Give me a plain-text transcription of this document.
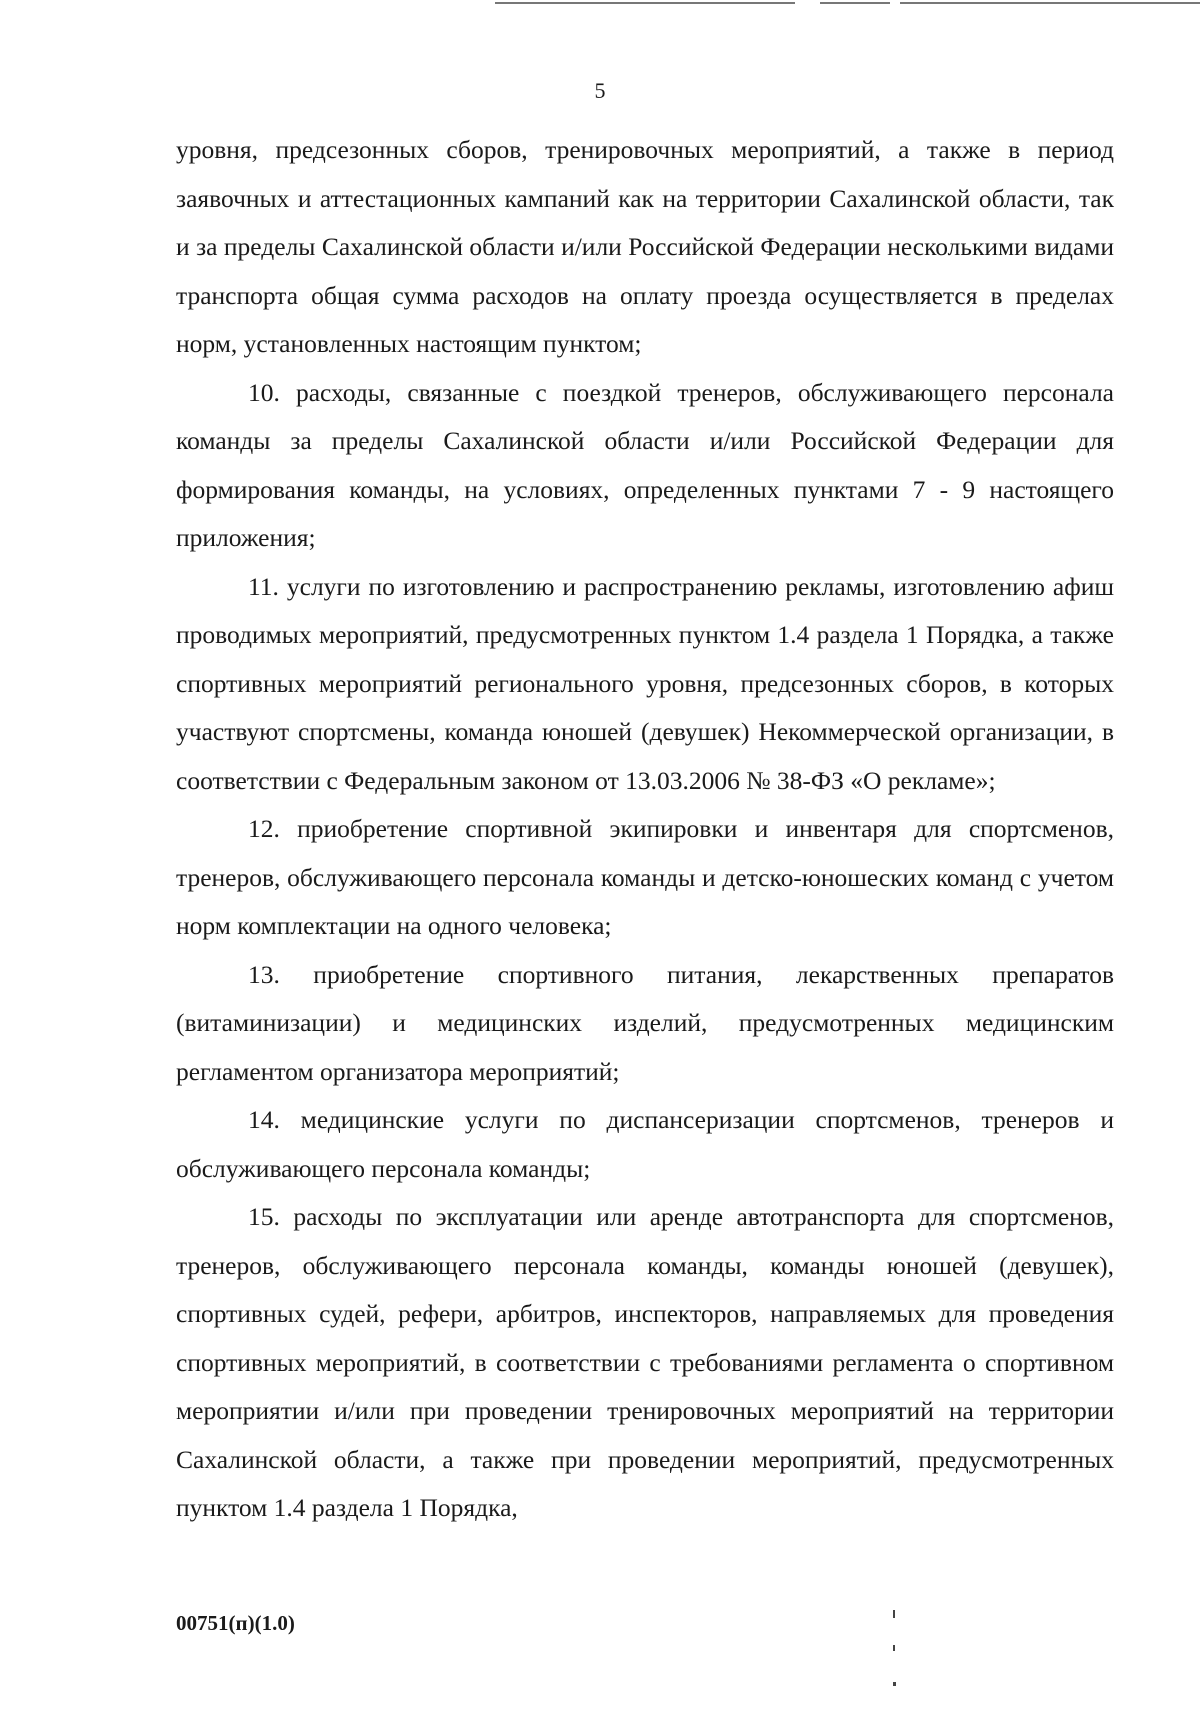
5

уровня, предсезонных сборов, тренировочных мероприятий, а также в период заявочных и аттестационных кампаний как на территории Сахалинской области, так и за пределы Сахалинской области и/или Российской Федерации несколькими видами транспорта общая сумма расходов на оплату проезда осуществляется в пределах норм, установленных настоящим пунктом;

10. расходы, связанные с поездкой тренеров, обслуживающего персонала команды за пределы Сахалинской области и/или Российской Федерации для формирования команды, на условиях, определенных пунктами 7 - 9 настоящего приложения;

11. услуги по изготовлению и распространению рекламы, изготовлению афиш проводимых мероприятий, предусмотренных пунктом 1.4 раздела 1 Порядка, а также спортивных мероприятий регионального уровня, предсезонных сборов, в которых участвуют спортсмены, команда юношей (девушек) Некоммерческой организации, в соответствии с Федеральным законом от 13.03.2006 № 38-ФЗ «О рекламе»;

12. приобретение спортивной экипировки и инвентаря для спортсменов, тренеров, обслуживающего персонала команды и детско-юношеских команд с учетом норм комплектации на одного человека;

13. приобретение спортивного питания, лекарственных препаратов (витаминизации) и медицинских изделий, предусмотренных медицинским регламентом организатора мероприятий;

14. медицинские услуги по диспансеризации спортсменов, тренеров и обслуживающего персонала команды;

15. расходы по эксплуатации или аренде автотранспорта для спортсменов, тренеров, обслуживающего персонала команды, команды юношей (девушек), спортивных судей, рефери, арбитров, инспекторов, направляемых для проведения спортивных мероприятий, в соответствии с требованиями регламента о спортивном мероприятии и/или при проведении тренировочных мероприятий на территории Сахалинской области, а также при проведении мероприятий, предусмотренных пунктом 1.4 раздела 1 Порядка,

00751(п)(1.0)
